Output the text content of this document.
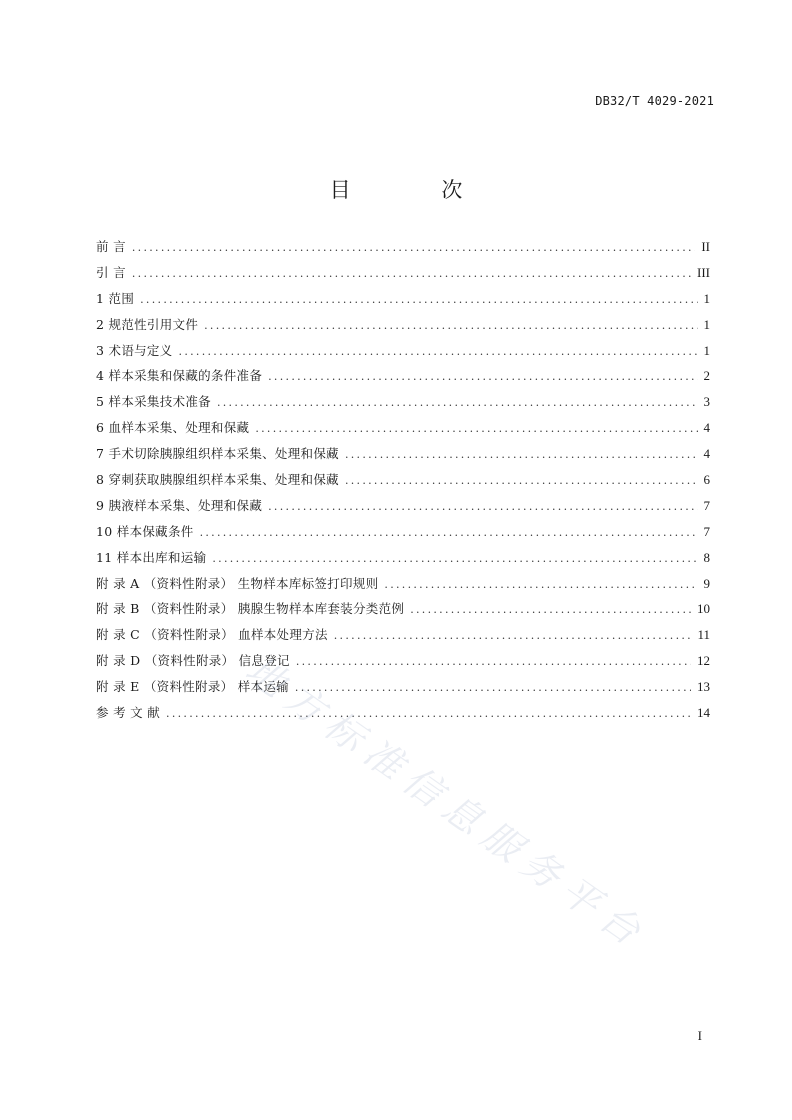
DB32/T 4029-2021
目 次
前 言 . . .	II
引 言 . . .	III
1 范围 . . .	1
2 规范性引用文件 . . .	1
3 术语与定义 . . .	1
4 样本采集和保藏的条件准备 . . .	2
5 样本采集技术准备 . . .	3
6 血样本采集、处理和保藏 . . .	4
7 手术切除胰腺组织样本采集、处理和保藏 . . .	4
8 穿刺获取胰腺组织样本采集、处理和保藏 . . .	6
9 胰液样本采集、处理和保藏 . . .	7
10 样本保藏条件 . . .	7
11 样本出库和运输 . . .	8
附 录 A （资料性附录） 生物样本库标签打印规则 . . .	9
附 录 B （资料性附录） 胰腺生物样本库套装分类范例 . . .	10
附 录 C （资料性附录） 血样本处理方法 . . .	11
附 录 D （资料性附录） 信息登记 . . .	12
附 录 E （资料性附录） 样本运输 . . .	13
参 考 文 献 . . .	14
地方标准信息服务平台
I
